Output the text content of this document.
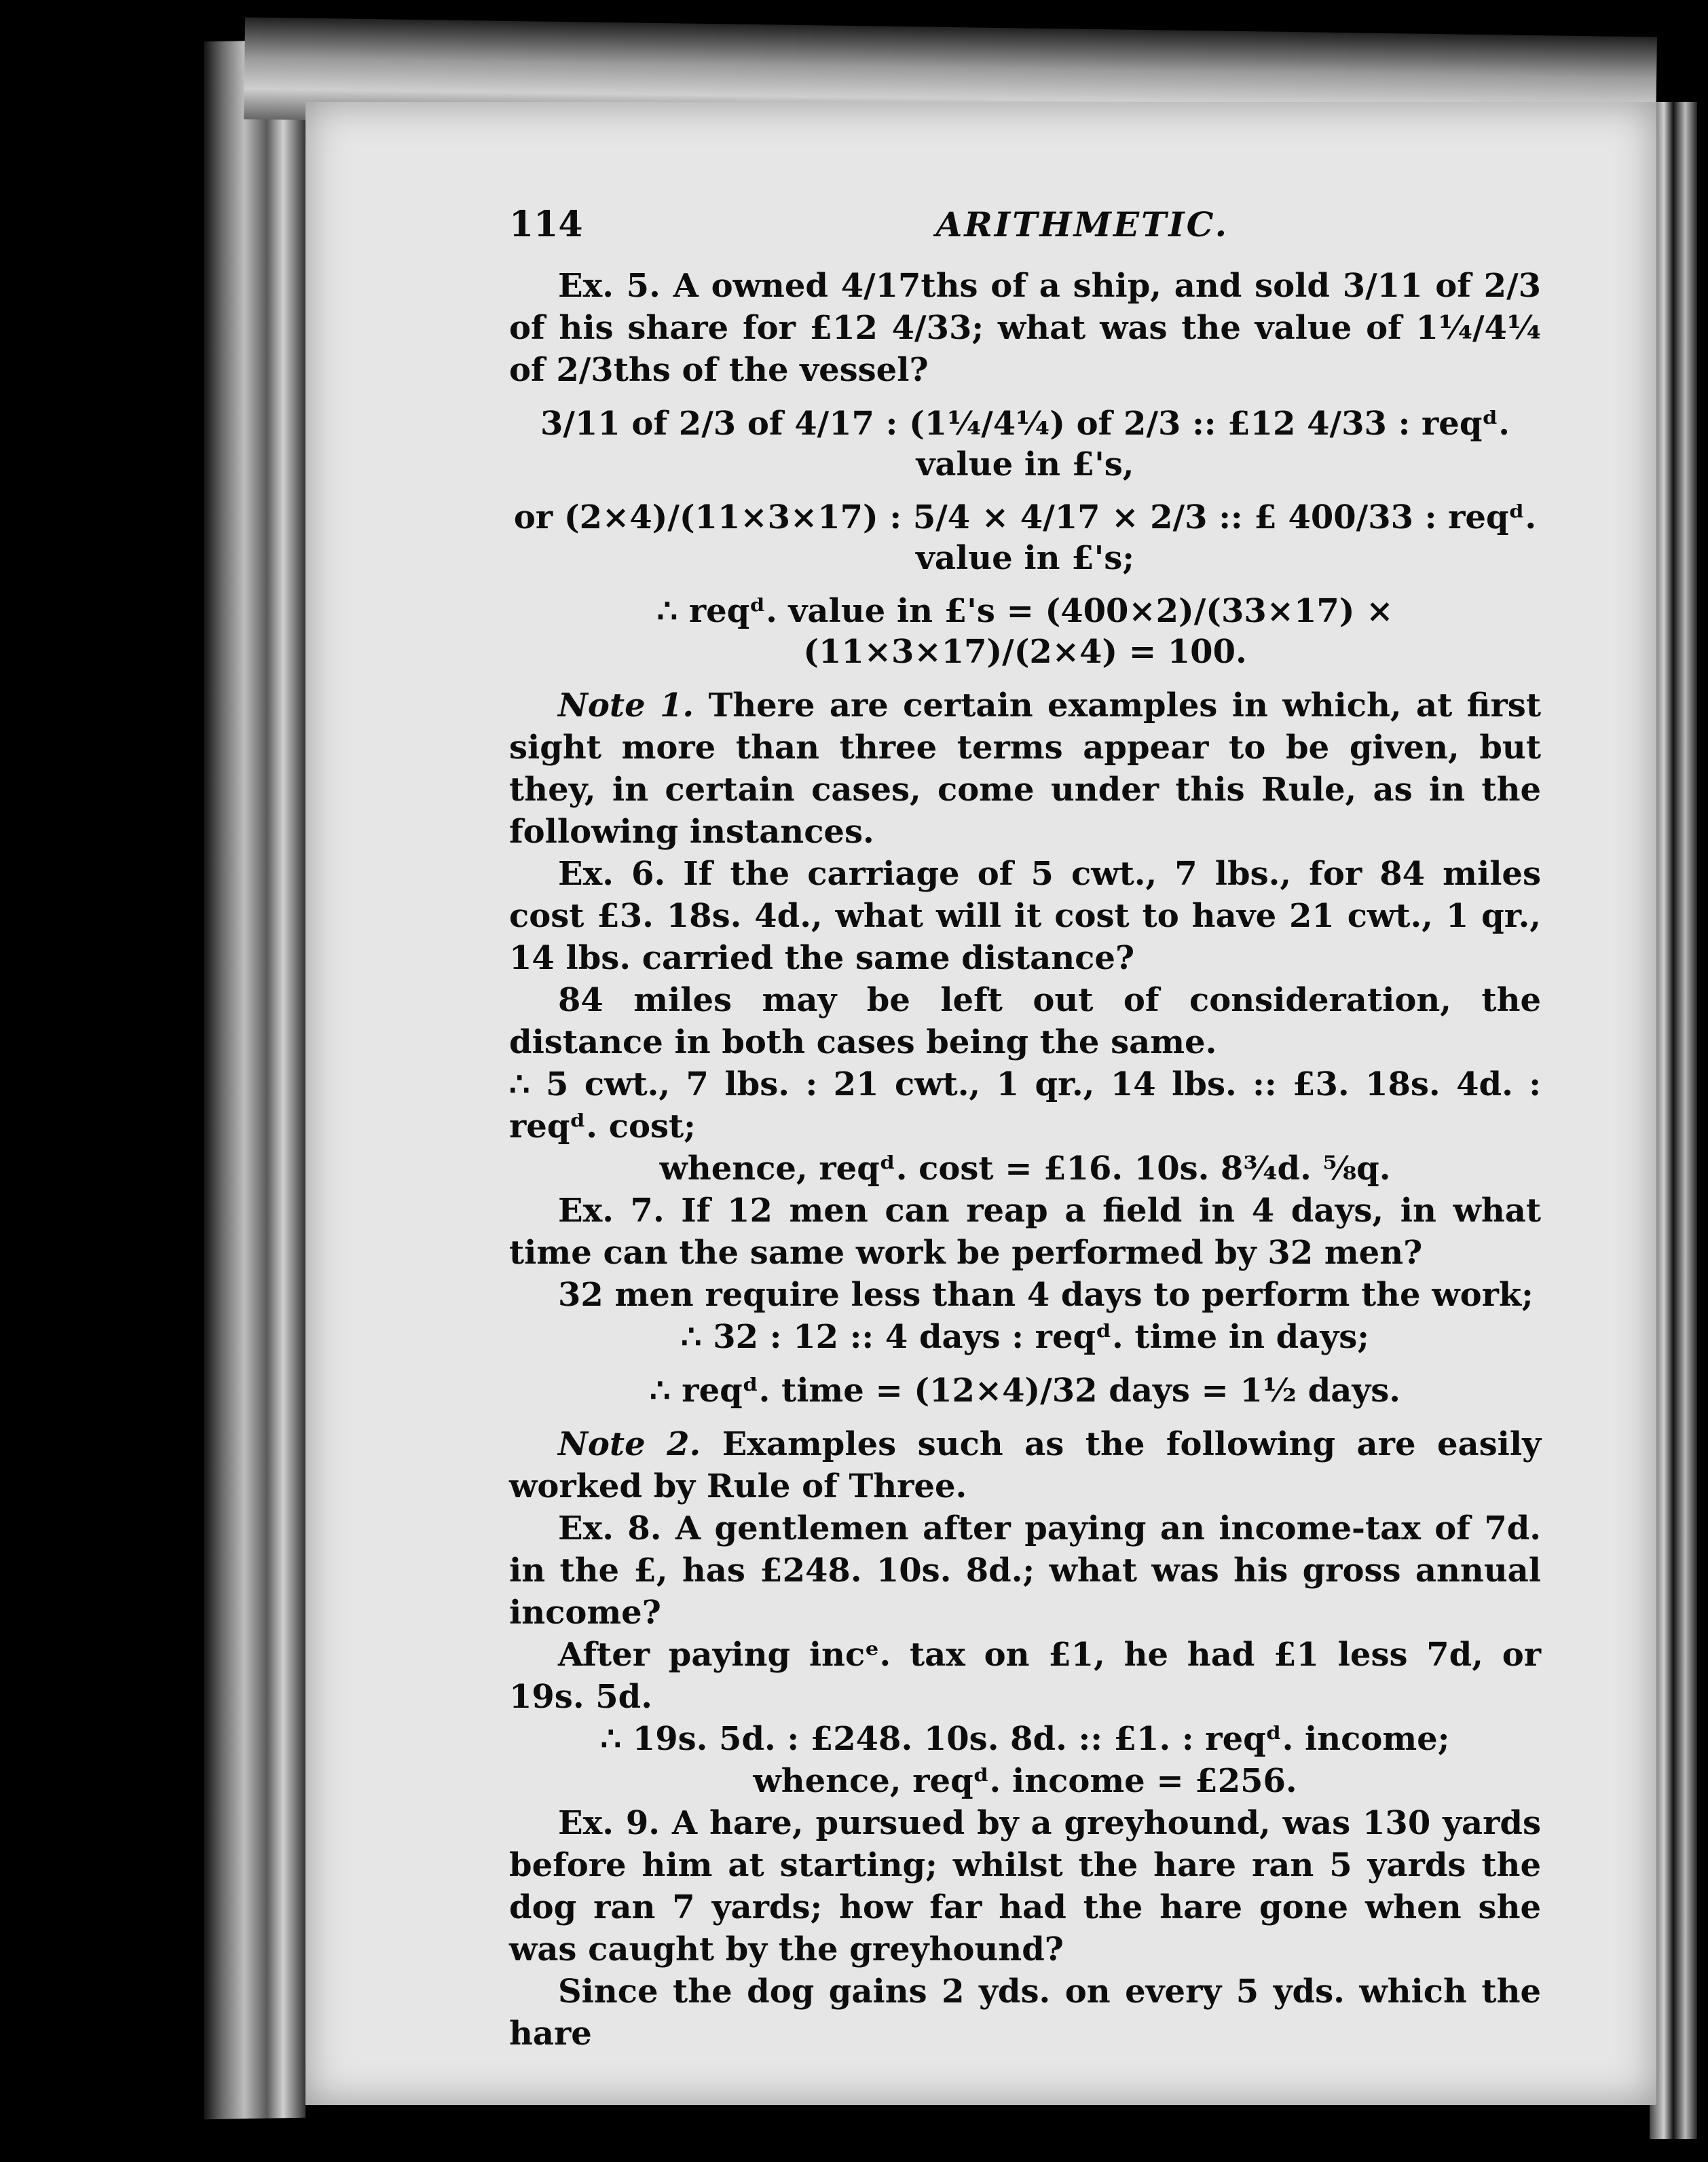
114	ARITHMETIC.

Ex. 5. A owned 4/17ths of a ship, and sold 3/11 of 2/3 of his share for £12 4/33; what was the value of 1¼/4¼ of 2/3ths of the vessel?

3/11 of 2/3 of 4/17 : (1¼/4¼) of 2/3 :: £12 4/33 : reqᵈ. value in £'s,
or (2×4)/(11×3×17) : 5/4 × 4/17 × 2/3 :: £ 400/33 : reqᵈ. value in £'s;
∴ reqᵈ. value in £'s = (400×2)/(33×17) × (11×3×17)/(2×4) = 100.

Note 1. There are certain examples in which, at first sight more than three terms appear to be given, but they, in certain cases, come under this Rule, as in the following instances.

Ex. 6. If the carriage of 5 cwt., 7 lbs., for 84 miles cost £3. 18s. 4d., what will it cost to have 21 cwt., 1 qr., 14 lbs. carried the same distance?

84 miles may be left out of consideration, the distance in both cases being the same.

∴ 5 cwt., 7 lbs. : 21 cwt., 1 qr., 14 lbs. :: £3. 18s. 4d. : reqᵈ. cost;

whence, reqᵈ. cost = £16. 10s. 8¾d. ⅝q.

Ex. 7. If 12 men can reap a field in 4 days, in what time can the same work be performed by 32 men?

32 men require less than 4 days to perform the work;

∴ 32 : 12 :: 4 days : reqᵈ. time in days;

∴ reqᵈ. time = (12×4)/32 days = 1½ days.

Note 2. Examples such as the following are easily worked by Rule of Three.

Ex. 8. A gentlemen after paying an income-tax of 7d. in the £, has £248. 10s. 8d.; what was his gross annual income?

After paying incᵉ. tax on £1, he had £1 less 7d, or 19s. 5d.

∴ 19s. 5d. : £248. 10s. 8d. :: £1. : reqᵈ. income;

whence, reqᵈ. income = £256.

Ex. 9. A hare, pursued by a greyhound, was 130 yards before him at starting; whilst the hare ran 5 yards the dog ran 7 yards; how far had the hare gone when she was caught by the greyhound?

Since the dog gains 2 yds. on every 5 yds. which the hare
